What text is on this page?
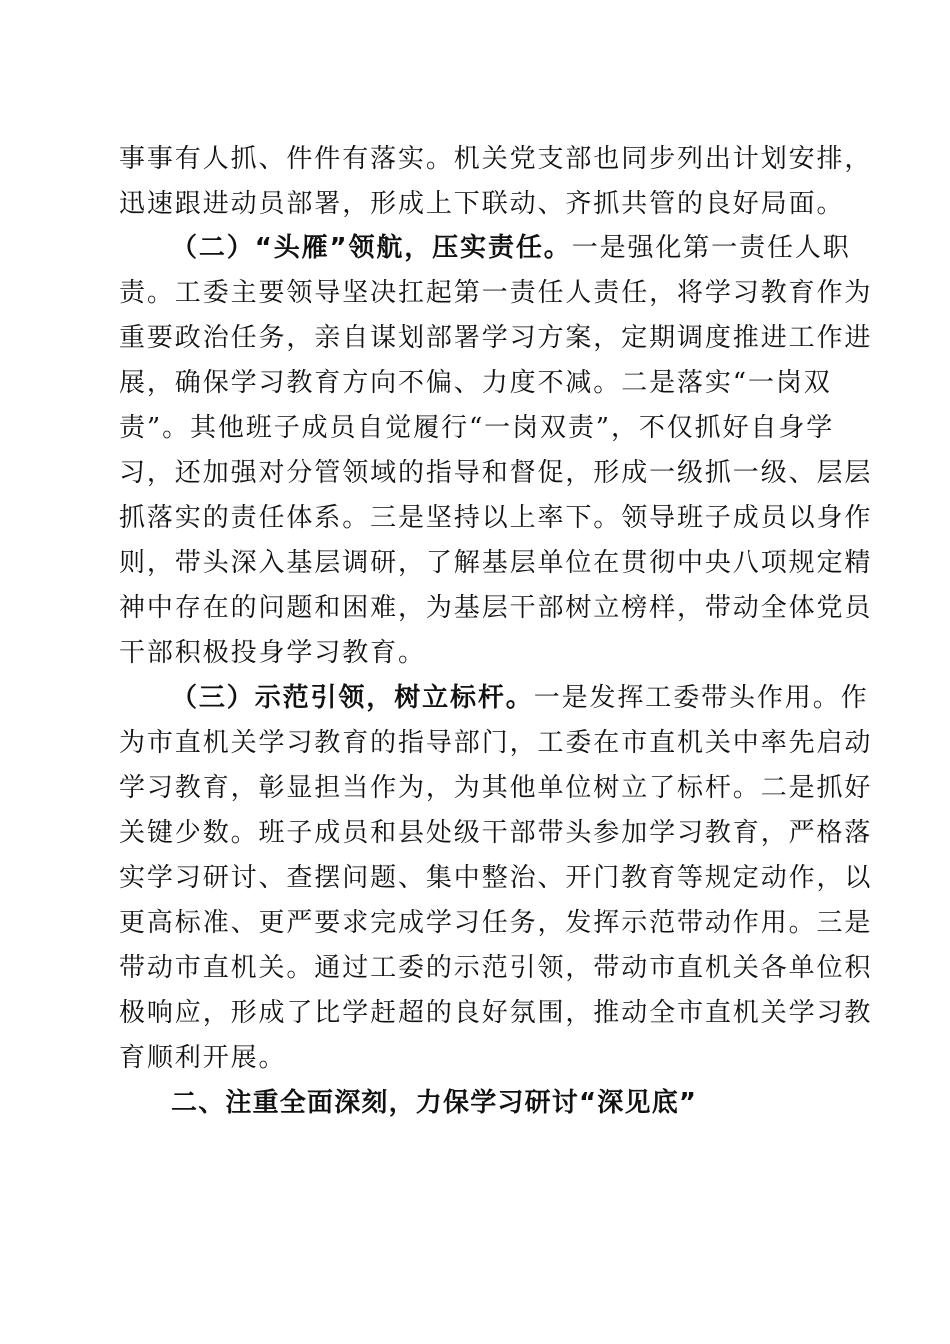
事事有人抓、件件有落实。机关党支部也同步列出计划安排，
迅速跟进动员部署，形成上下联动、齐抓共管的良好局面。
（二）“头雁”领航，压实责任。一是强化第一责任人职
责。工委主要领导坚决扛起第一责任人责任，将学习教育作为
重要政治任务，亲自谋划部署学习方案，定期调度推进工作进
展，确保学习教育方向不偏、力度不减。二是落实“一岗双
责”。其他班子成员自觉履行“一岗双责”，不仅抓好自身学
习，还加强对分管领域的指导和督促，形成一级抓一级、层层
抓落实的责任体系。三是坚持以上率下。领导班子成员以身作
则，带头深入基层调研，了解基层单位在贯彻中央八项规定精
神中存在的问题和困难，为基层干部树立榜样，带动全体党员
干部积极投身学习教育。
（三）示范引领，树立标杆。一是发挥工委带头作用。作
为市直机关学习教育的指导部门，工委在市直机关中率先启动
学习教育，彰显担当作为，为其他单位树立了标杆。二是抓好
关键少数。班子成员和县处级干部带头参加学习教育，严格落
实学习研讨、查摆问题、集中整治、开门教育等规定动作，以
更高标准、更严要求完成学习任务，发挥示范带动作用。三是
带动市直机关。通过工委的示范引领，带动市直机关各单位积
极响应，形成了比学赶超的良好氛围，推动全市直机关学习教
育顺利开展。
二、注重全面深刻，力保学习研讨“深见底”
